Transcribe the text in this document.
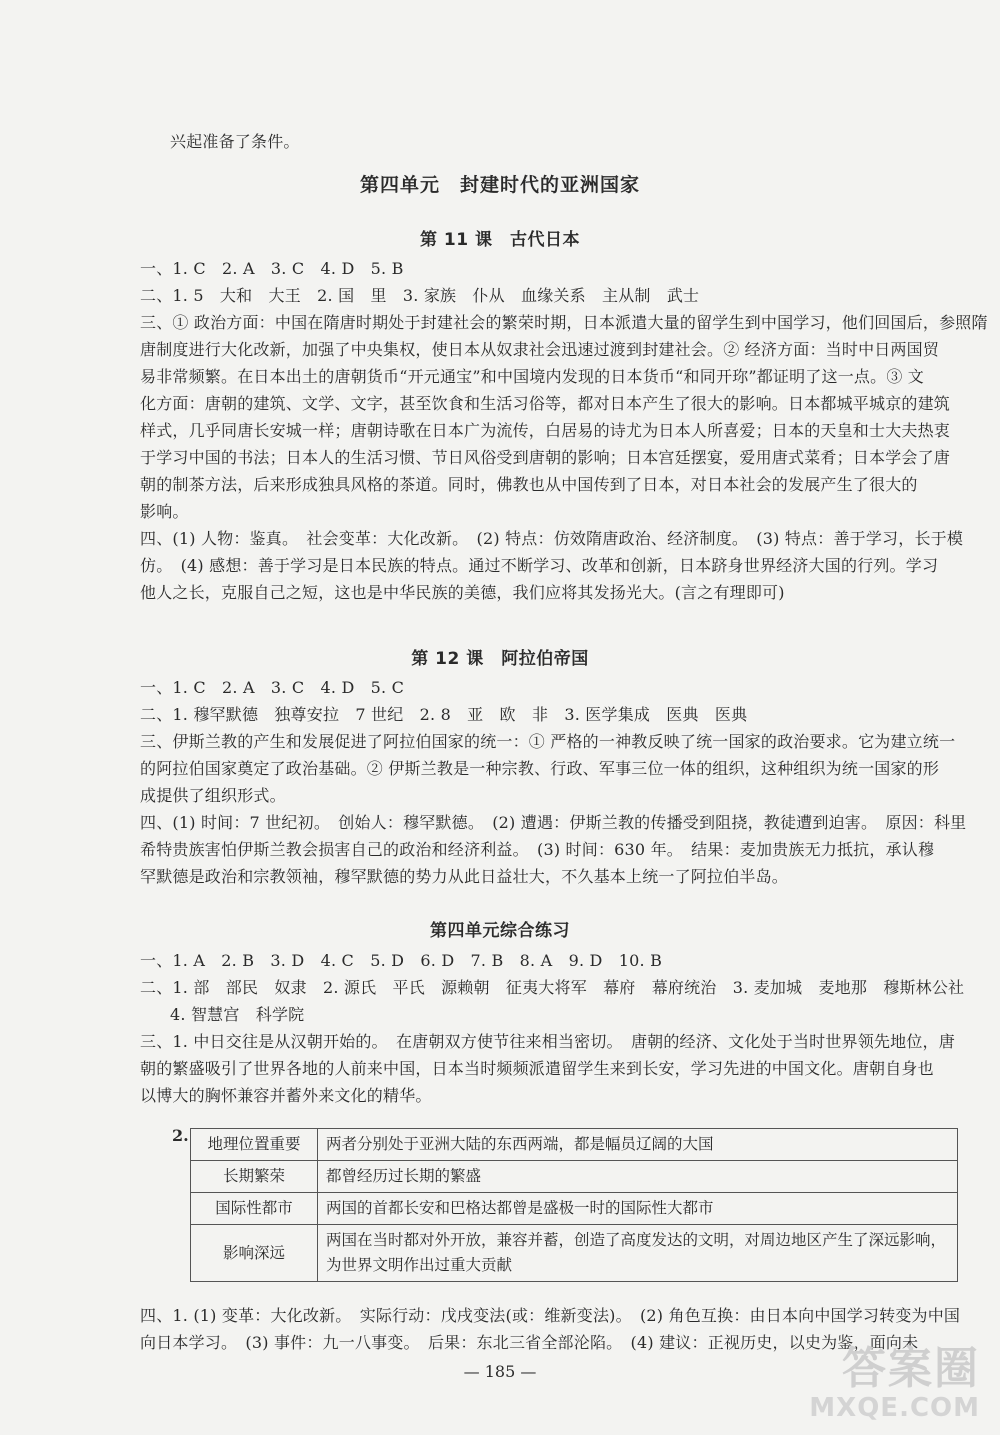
兴起准备了条件。
第四单元　封建时代的亚洲国家
第 11 课　古代日本
一、1. C　2. A　3. C　4. D　5. B
二、1. 5　大和　大王　2. 国　里　3. 家族　仆从　血缘关系　主从制　武士
三、① 政治方面：中国在隋唐时期处于封建社会的繁荣时期，日本派遣大量的留学生到中国学习，他们回国后，参照隋
唐制度进行大化改新，加强了中央集权，使日本从奴隶社会迅速过渡到封建社会。② 经济方面：当时中日两国贸
易非常频繁。在日本出土的唐朝货币“开元通宝”和中国境内发现的日本货币“和同开珎”都证明了这一点。③ 文
化方面：唐朝的建筑、文学、文字，甚至饮食和生活习俗等，都对日本产生了很大的影响。日本都城平城京的建筑
样式，几乎同唐长安城一样；唐朝诗歌在日本广为流传，白居易的诗尤为日本人所喜爱；日本的天皇和士大夫热衷
于学习中国的书法；日本人的生活习惯、节日风俗受到唐朝的影响；日本宫廷摆宴，爱用唐式菜肴；日本学会了唐
朝的制茶方法，后来形成独具风格的茶道。同时，佛教也从中国传到了日本，对日本社会的发展产生了很大的
影响。
四、(1) 人物：鉴真。　社会变革：大化改新。　(2) 特点：仿效隋唐政治、经济制度。　(3) 特点：善于学习，长于模
仿。　(4) 感想：善于学习是日本民族的特点。通过不断学习、改革和创新，日本跻身世界经济大国的行列。学习
他人之长，克服自己之短，这也是中华民族的美德，我们应将其发扬光大。(言之有理即可)
第 12 课　阿拉伯帝国
一、1. C　2. A　3. C　4. D　5. C
二、1. 穆罕默德　独尊安拉　7 世纪　2. 8　亚　欧　非　3. 医学集成　医典　医典
三、伊斯兰教的产生和发展促进了阿拉伯国家的统一：① 严格的一神教反映了统一国家的政治要求。它为建立统一
的阿拉伯国家奠定了政治基础。② 伊斯兰教是一种宗教、行政、军事三位一体的组织，这种组织为统一国家的形
成提供了组织形式。
四、(1) 时间：7 世纪初。　创始人：穆罕默德。　(2) 遭遇：伊斯兰教的传播受到阻挠，教徒遭到迫害。　原因：科里
希特贵族害怕伊斯兰教会损害自己的政治和经济利益。　(3) 时间：630 年。　结果：麦加贵族无力抵抗，承认穆
罕默德是政治和宗教领袖，穆罕默德的势力从此日益壮大，不久基本上统一了阿拉伯半岛。
第四单元综合练习
一、1. A　2. B　3. D　4. C　5. D　6. D　7. B　8. A　9. D　10. B
二、1. 部　部民　奴隶　2. 源氏　平氏　源赖朝　征夷大将军　幕府　幕府统治　3. 麦加城　麦地那　穆斯林公社
4. 智慧宫　科学院
三、1. 中日交往是从汉朝开始的。　在唐朝双方使节往来相当密切。　唐朝的经济、文化处于当时世界领先地位，唐
朝的繁盛吸引了世界各地的人前来中国，日本当时频频派遣留学生来到长安，学习先进的中国文化。唐朝自身也
以博大的胸怀兼容并蓄外来文化的精华。
2. 地理位置重要	两者分别处于亚洲大陆的东西两端，都是幅员辽阔的大国
长期繁荣	都曾经历过长期的繁盛
国际性都市	两国的首都长安和巴格达都曾是盛极一时的国际性大都市
影响深远	两国在当时都对外开放，兼容并蓄，创造了高度发达的文明，对周边地区产生了深远影响，为世界文明作出过重大贡献
四、1. (1) 变革：大化改新。　实际行动：戊戌变法(或：维新变法)。　(2) 角色互换：由日本向中国学习转变为中国
向日本学习。　(3) 事件：九一八事变。　后果：东北三省全部沦陷。　(4) 建议：正视历史，以史为鉴，面向未
— 185 —	答案圈
MXQE.COM
